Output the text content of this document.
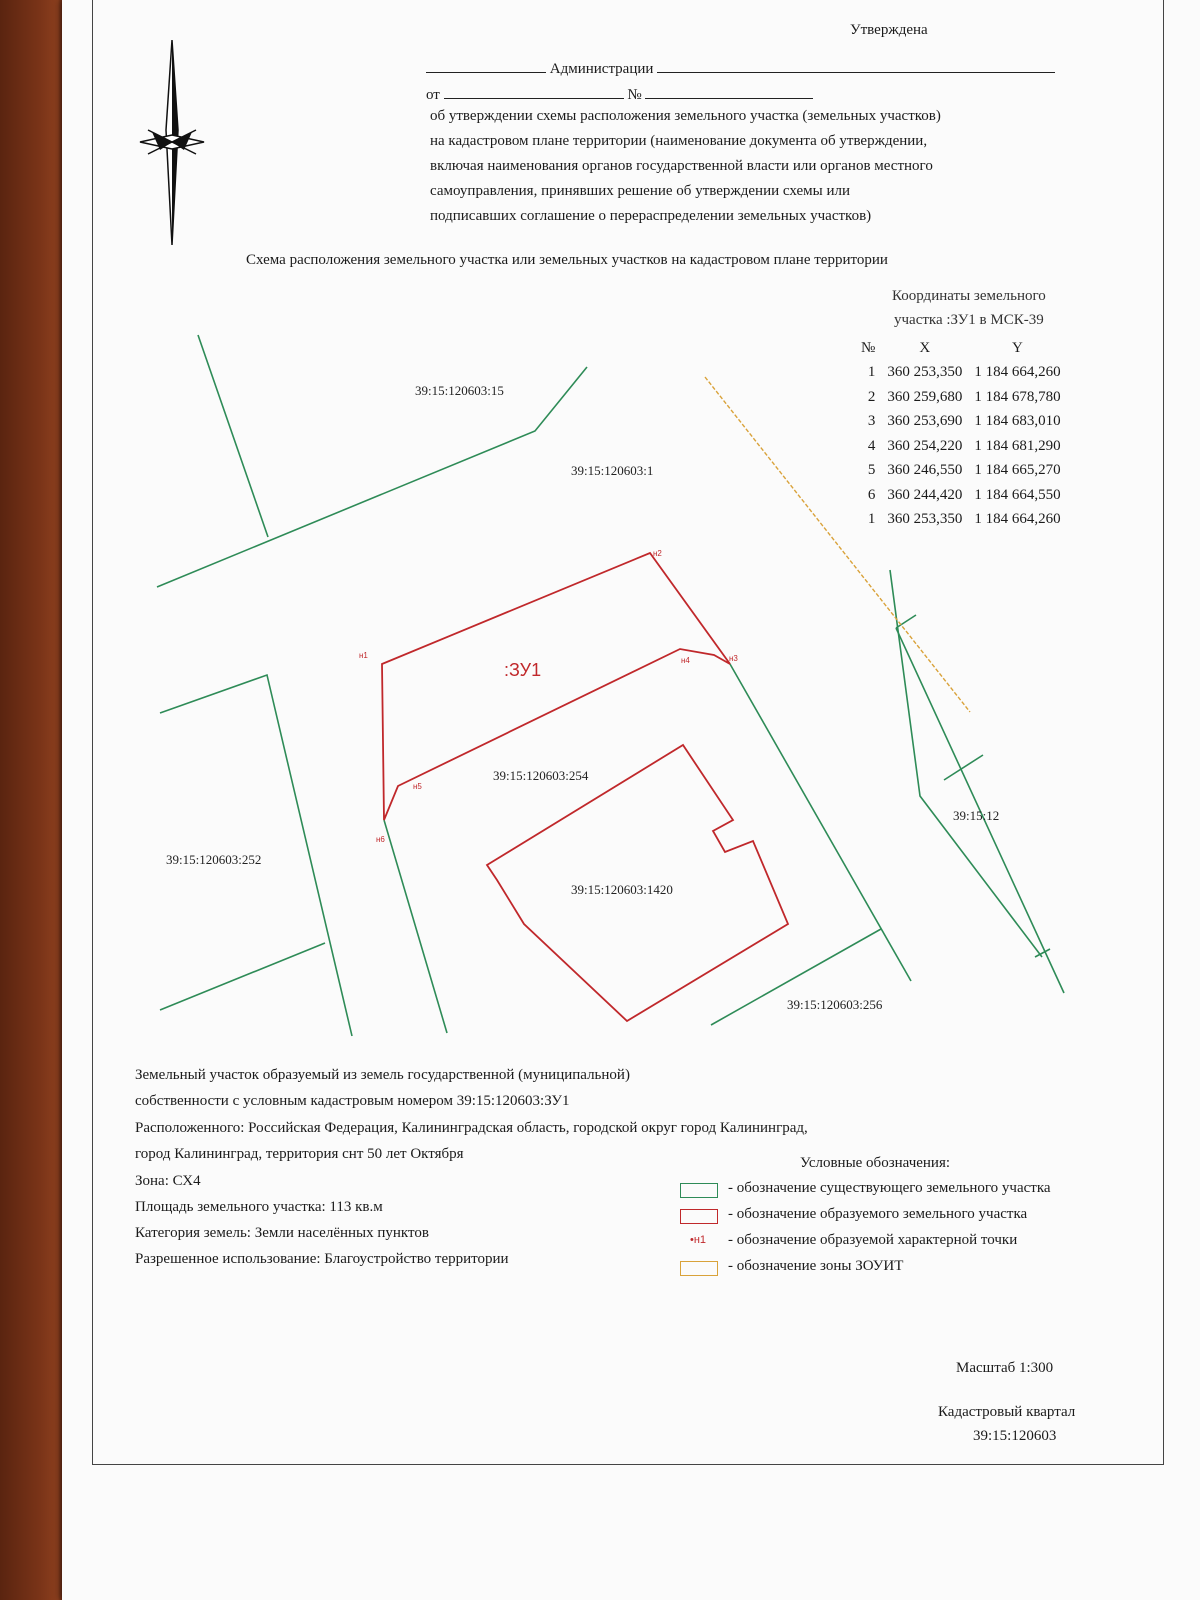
Утверждена
Администрации
от	№
об утверждении схемы расположения земельного участка (земельных участков)
на кадастровом плане территории (наименование документа об утверждении,
включая наименования органов государственной власти или органов местного
самоуправления, принявших решение об утверждении схемы или
подписавших соглашение о перераспределении земельных участков)
Схема расположения земельного участка или земельных участков на кадастровом плане территории
Координаты земельного
участка :ЗУ1 в МСК-39
№	X	Y
1	360 253,350	1 184 664,260
2	360 259,680	1 184 678,780
3	360 253,690	1 184 683,010
4	360 254,220	1 184 681,290
5	360 246,550	1 184 665,270
6	360 244,420	1 184 664,550
1	360 253,350	1 184 664,260
н1
н2
н3
н4
н5
н6
39:15:120603:15
39:15:120603:1
39:15:120603:254
39:15:120603:252
39:15:120603:1420
39:15:12
39:15:120603:256
:ЗУ1
Земельный участок образуемый из земель государственной (муниципальной)
собственности с условным кадастровым номером 39:15:120603:ЗУ1
Расположенного: Российская Федерация, Калининградская область, городской округ город Калининград,
город Калининград, территория снт 50 лет Октября
Зона: СХ4
Площадь земельного участка: 113 кв.м
Категория земель: Земли населённых пунктов
Разрешенное использование: Благоустройство территории
Условные обозначения:
- обозначение существующего земельного участка
- обозначение образуемого земельного участка
•н1 - обозначение образуемой характерной точки
- обозначение зоны ЗОУИТ
Масштаб 1:300
Кадастровый квартал
39:15:120603
